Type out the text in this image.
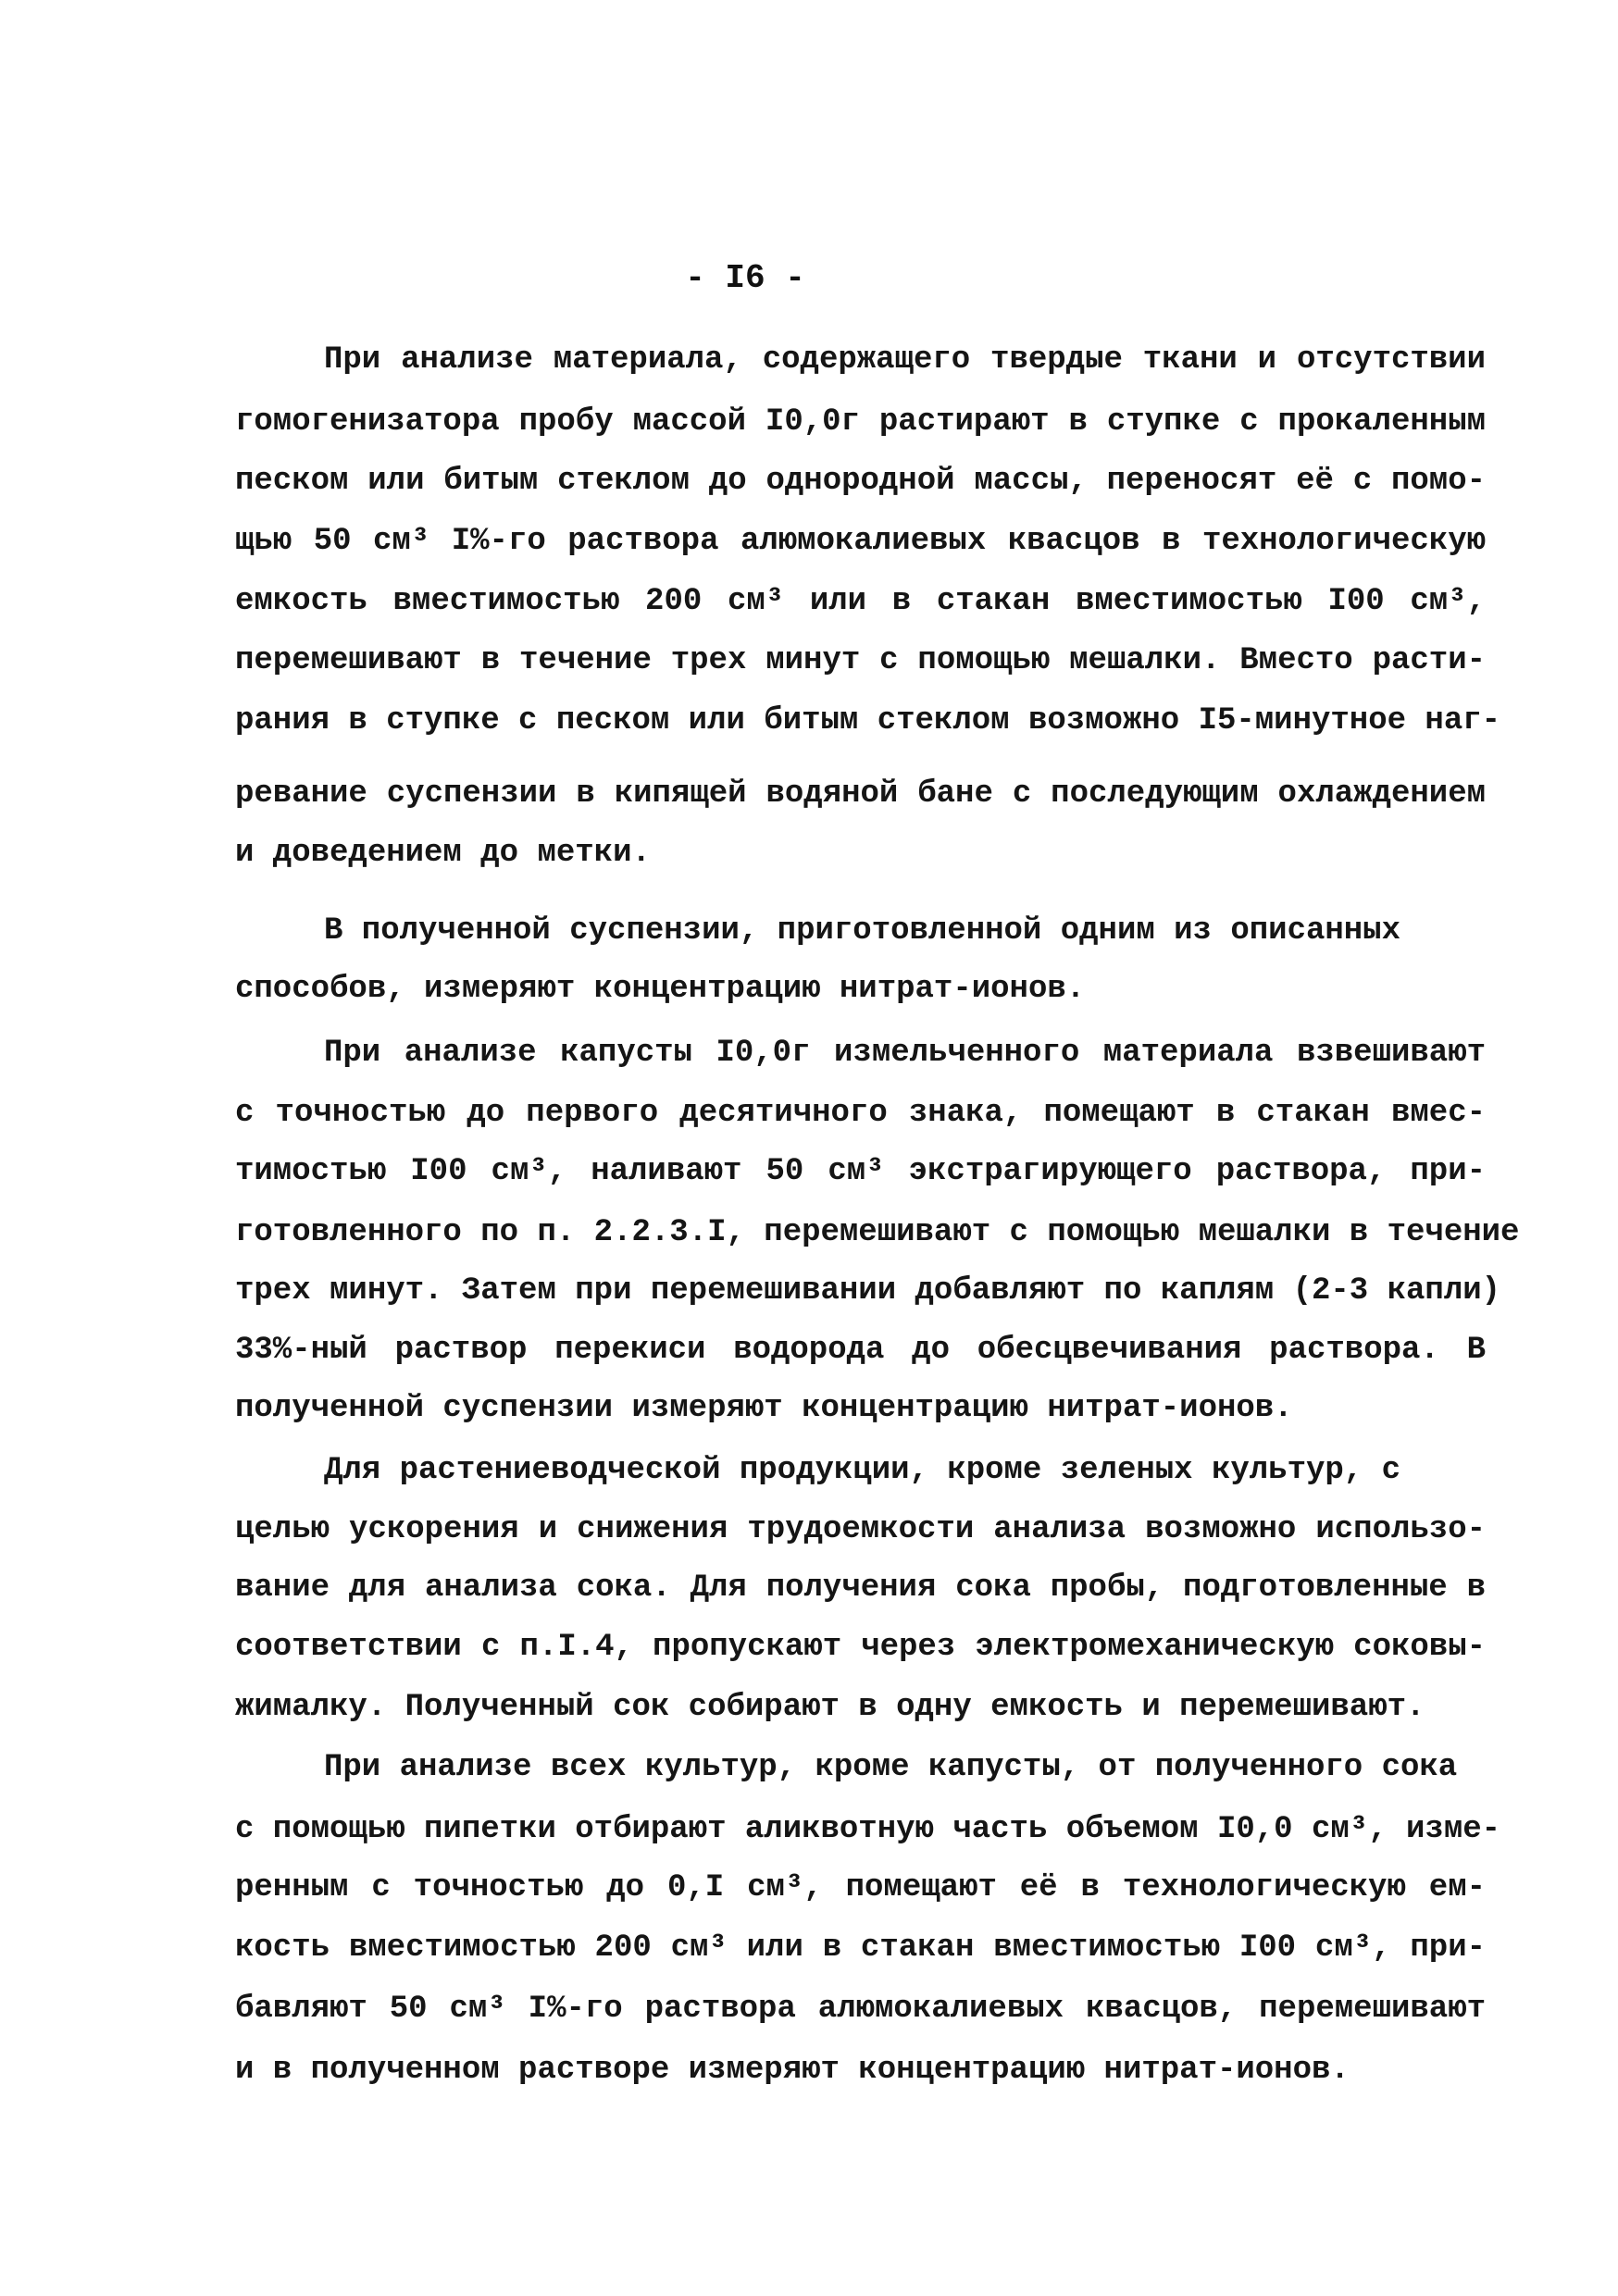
- I6 -
При анализе материала, содержащего твердые ткани и отсутствии
гомогенизатора пробу массой I0,0г растирают в ступке с прокаленным
песком или битым стеклом до однородной массы, переносят её с помо-
щью 50 см³ I%-го раствора алюмокалиевых квасцов в технологическую
емкость вместимостью 200 см³ или в стакан вместимостью I00 см³,
перемешивают в течение трех минут с помощью мешалки. Вместо расти-
рания в ступке с песком или битым стеклом возможно I5-минутное наг-
ревание суспензии в кипящей водяной бане с последующим охлаждением
и доведением до метки.
В полученной суспензии, приготовленной одним из описанных
способов, измеряют концентрацию нитрат-ионов.
При анализе капусты I0,0г измельченного материала взвешивают
с точностью до первого десятичного знака, помещают в стакан вмес-
тимостью I00 см³, наливают 50 см³ экстрагирующего раствора, при-
готовленного по п. 2.2.3.I, перемешивают с помощью мешалки в течение
трех минут. Затем при перемешивании добавляют по каплям (2-3 капли)
33%-ный раствор перекиси водорода до обесцвечивания раствора. В
полученной суспензии измеряют концентрацию нитрат-ионов.
Для растениеводческой продукции, кроме зеленых культур, с
целью ускорения и снижения трудоемкости анализа возможно использо-
вание для анализа сока. Для получения сока пробы, подготовленные в
соответствии с п.I.4, пропускают через электромеханическую соковы-
жималку. Полученный сок собирают в одну емкость и перемешивают.
При анализе всех культур, кроме капусты, от полученного сока
с помощью пипетки отбирают аликвотную часть объемом I0,0 см³, изме-
ренным с точностью до 0,I см³, помещают её в технологическую ем-
кость вместимостью 200 см³ или в стакан вместимостью I00 см³, при-
бавляют 50 см³ I%-го раствора алюмокалиевых квасцов, перемешивают
и в полученном растворе измеряют концентрацию нитрат-ионов.
